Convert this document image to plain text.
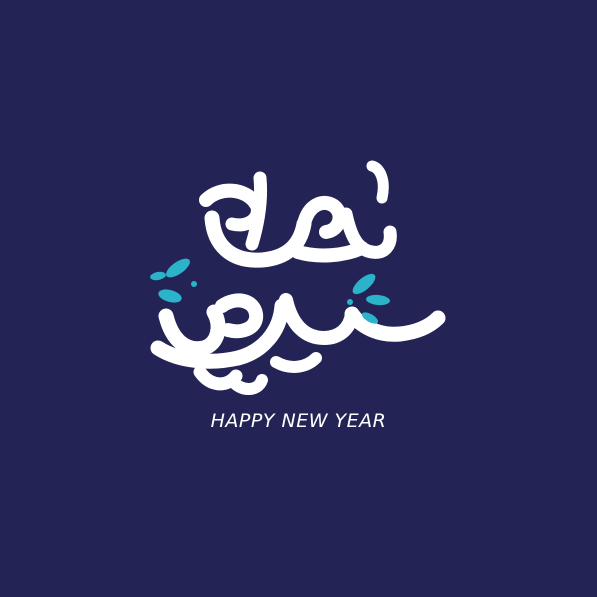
HAPPY NEW YEAR
